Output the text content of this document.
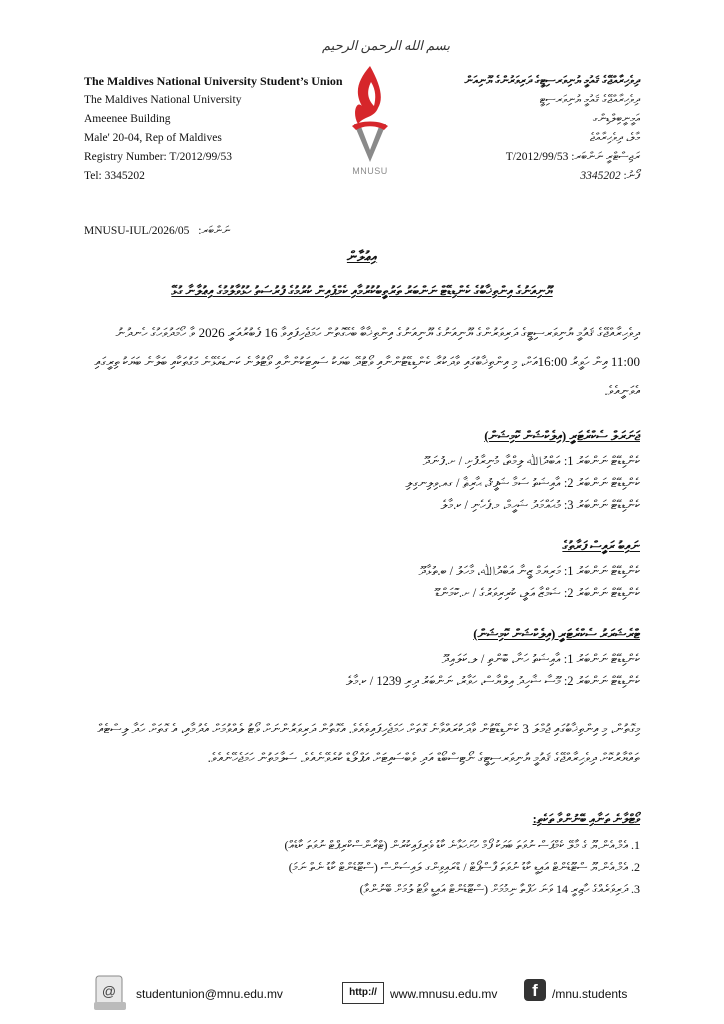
بسم الله الرحمن الرحيم
The Maldives National University Student’s Union
The Maldives National University
Ameenee Building
Male' 20-04, Rep of Maldives
Registry Number: T/2012/99/53
Tel: 3345202	MNUSU
ދިވެހިރާއްޖޭގެ ޤައުމީ ޔުނިވަރސިޓީގެ ދަރިވަރުންގެ ޔޫނިއަން
ދިވެހިރާއްޖޭގެ ޤައުމީ ޔުނިވަރސިޓީ
އަމީނީބިލްޑިންގ
މާލެ، ދިވެހިރާއްޖެ
ރަޖިސްޓްރީ ނަންބަރ: T/2012/99/53
ފޯނު: 3345202
MNUSU-IUL/2026/05 ނަންބަރ:
އިޢުލާން
ޔޫނިއަނުގެ އިންތިޚާބުގެ ކެންޑިޑޭޓް ނަންބަރު ތަރުތީބުކުރުމާއި ކެމްޕެއިން ކުރުމުގެ ފުރުސަތު ހުޅުވާލުމުގެ އިޢުލާނާ ގުޅޭ
ދިވެހިރާއްޖޭގެ ޤައުމީ ޔުނިވަރސިޓީގެ ދަރިވަރުންގެ ޔޫނިއަނުގެ ޔޫނިއަނުގެ އިންތިޚާބާ ބެހޭގޮތުން ހަމަޖެހިފައިވާ 16 ފެބުރުއަރީ 2026 ވާ ހޯމަދުވަހުގެ ހެނދުނު 11:00 އިން ހަވީރު 16:00އަށް، މި އިންތިޚާބުގައި ވާދަކުރާ ކެންޑިޑޭޓުންނާއި ވޯޓުދޭ ބަޔަކު ސައިޓަކުންނާއި ވޯޓުލާނެ ކަނޑައެޅޭނެ މަގުތަކާއި ބަލާނެ ބަޔަކު ތިރީގައި އެވަނީއެވެ.
ޖަނަރަލް ސެކްރެޓަރީ (އިލެކްޝަން ކޮމިޝަން)
ކެންޑިޑޭޓް ނަންބަރު 1: އަބްދުﷲ ލިމްތާ، މުނިރާފުށި / ށ.ފުނަދޫ
ކެންޑިޑޭޓް ނަންބަރު 2: އާއިޝަތު ސަމާ ޝަފީޤު، ޙާރިޘާ / ގއ.ވިލިނގިލި
ކެންޑިޑޭޓް ނަންބަރު 3: މުޙައްމަދު ޝަހީމް، މ.ފެހެނި / ކ.މާލެ
ނައިބު ރައީސް ފަރާތުގެ
ކެންޑިޑޭޓް ނަންބަރު 1: މަރިޔަމް ޒީނާ އަބްދުﷲ، މާހަލު / ބ.ތުޅާދޫ
ކެންޑިޑޭޓް ނަންބަރު 2: ޝަމްޒާ އަލީ، ކުރިރިވަރުގެ / ށ.ކޮމަންޑޫ
ޓްރެޝަރަރު ސެކްރެޓަރީ (އިލެކްޝަން ކޮމިޝަން)
ކެންޑިޑޭޓް ނަންބަރު 1: އާއިޝަތު ހަނާ، ބޮންތި / ލ.ކަލައިދޫ
ކެންޑިޑޭޓް ނަންބަރު 2: މޫސާ ޝާހިދު އިލްޔާސް، ހަވާރު، ނަންބަރު ދިރި 1239 / ކ.މާލެ
މިގޮތުން، މި އިންތިޚާބުގައި ޖުމްލަ 3 ކެންޑިޑޭޓުން ވާދަކުރައްވާނެ ގޮތަށް ހަމަޖެހިފައިވެއެވެ. އެގޮތުން ދަރިވަރުންނަށް ވޯޓު ލެއްވުމަށް އެދުމާއި، އެ ގޮތަށް ހަދާ ލިސްޓެއް ތައްޔާރުކޮށް ދިވެހިރާއްޖޭގެ ޤައުމީ ޔުނިވަރސިޓީގެ ނޯޓިސްބޯޑް އަދި ވެބްސައިޓަށް އަޕްލޯޑް ކުރެވޭނެއެވެ. ސަލާމަތުން ހަމަޖެހޭނެއެވެ.
ވޯޓްލާނެ ތަނާއި ބޭނުންވާ ތަކެތި:
1. އެމް.އެން.ޔޫ ގެ މާލޭ ކެމްޕަސް ނުވަތަ ބަޔަކު ފޯމް ހުށަހަޅާނެ ކާޑު ވެރިފައިކުރުން (ޓްރާންސްކްރިޕްޓް ނުވަތަ ކާޑެއް)
2. އެމް.އެން.ޔޫ ސްޓޫޑެންޓް އައިޑީ ކާޑު ނުވަތަ ފާސްޕޯޓް / ޑްރައިވިންގ ލައިސަންސް (ސްޓޫޑެންޓް ކާޑު ނެތް ނަމަ)
3. ދަރިވަރެއްގެ ހާޒިރީ 14 ވަނަ ހަފްތާ ނިމުމަށް (ސްޓޫޑެންޓް އައިޑީ ވޯޓު ލުމަށް ބޭނުންވާ)
@ studentunion@mnu.edu.mv	http://	www.mnusu.edu.mv	f	/mnu.students
